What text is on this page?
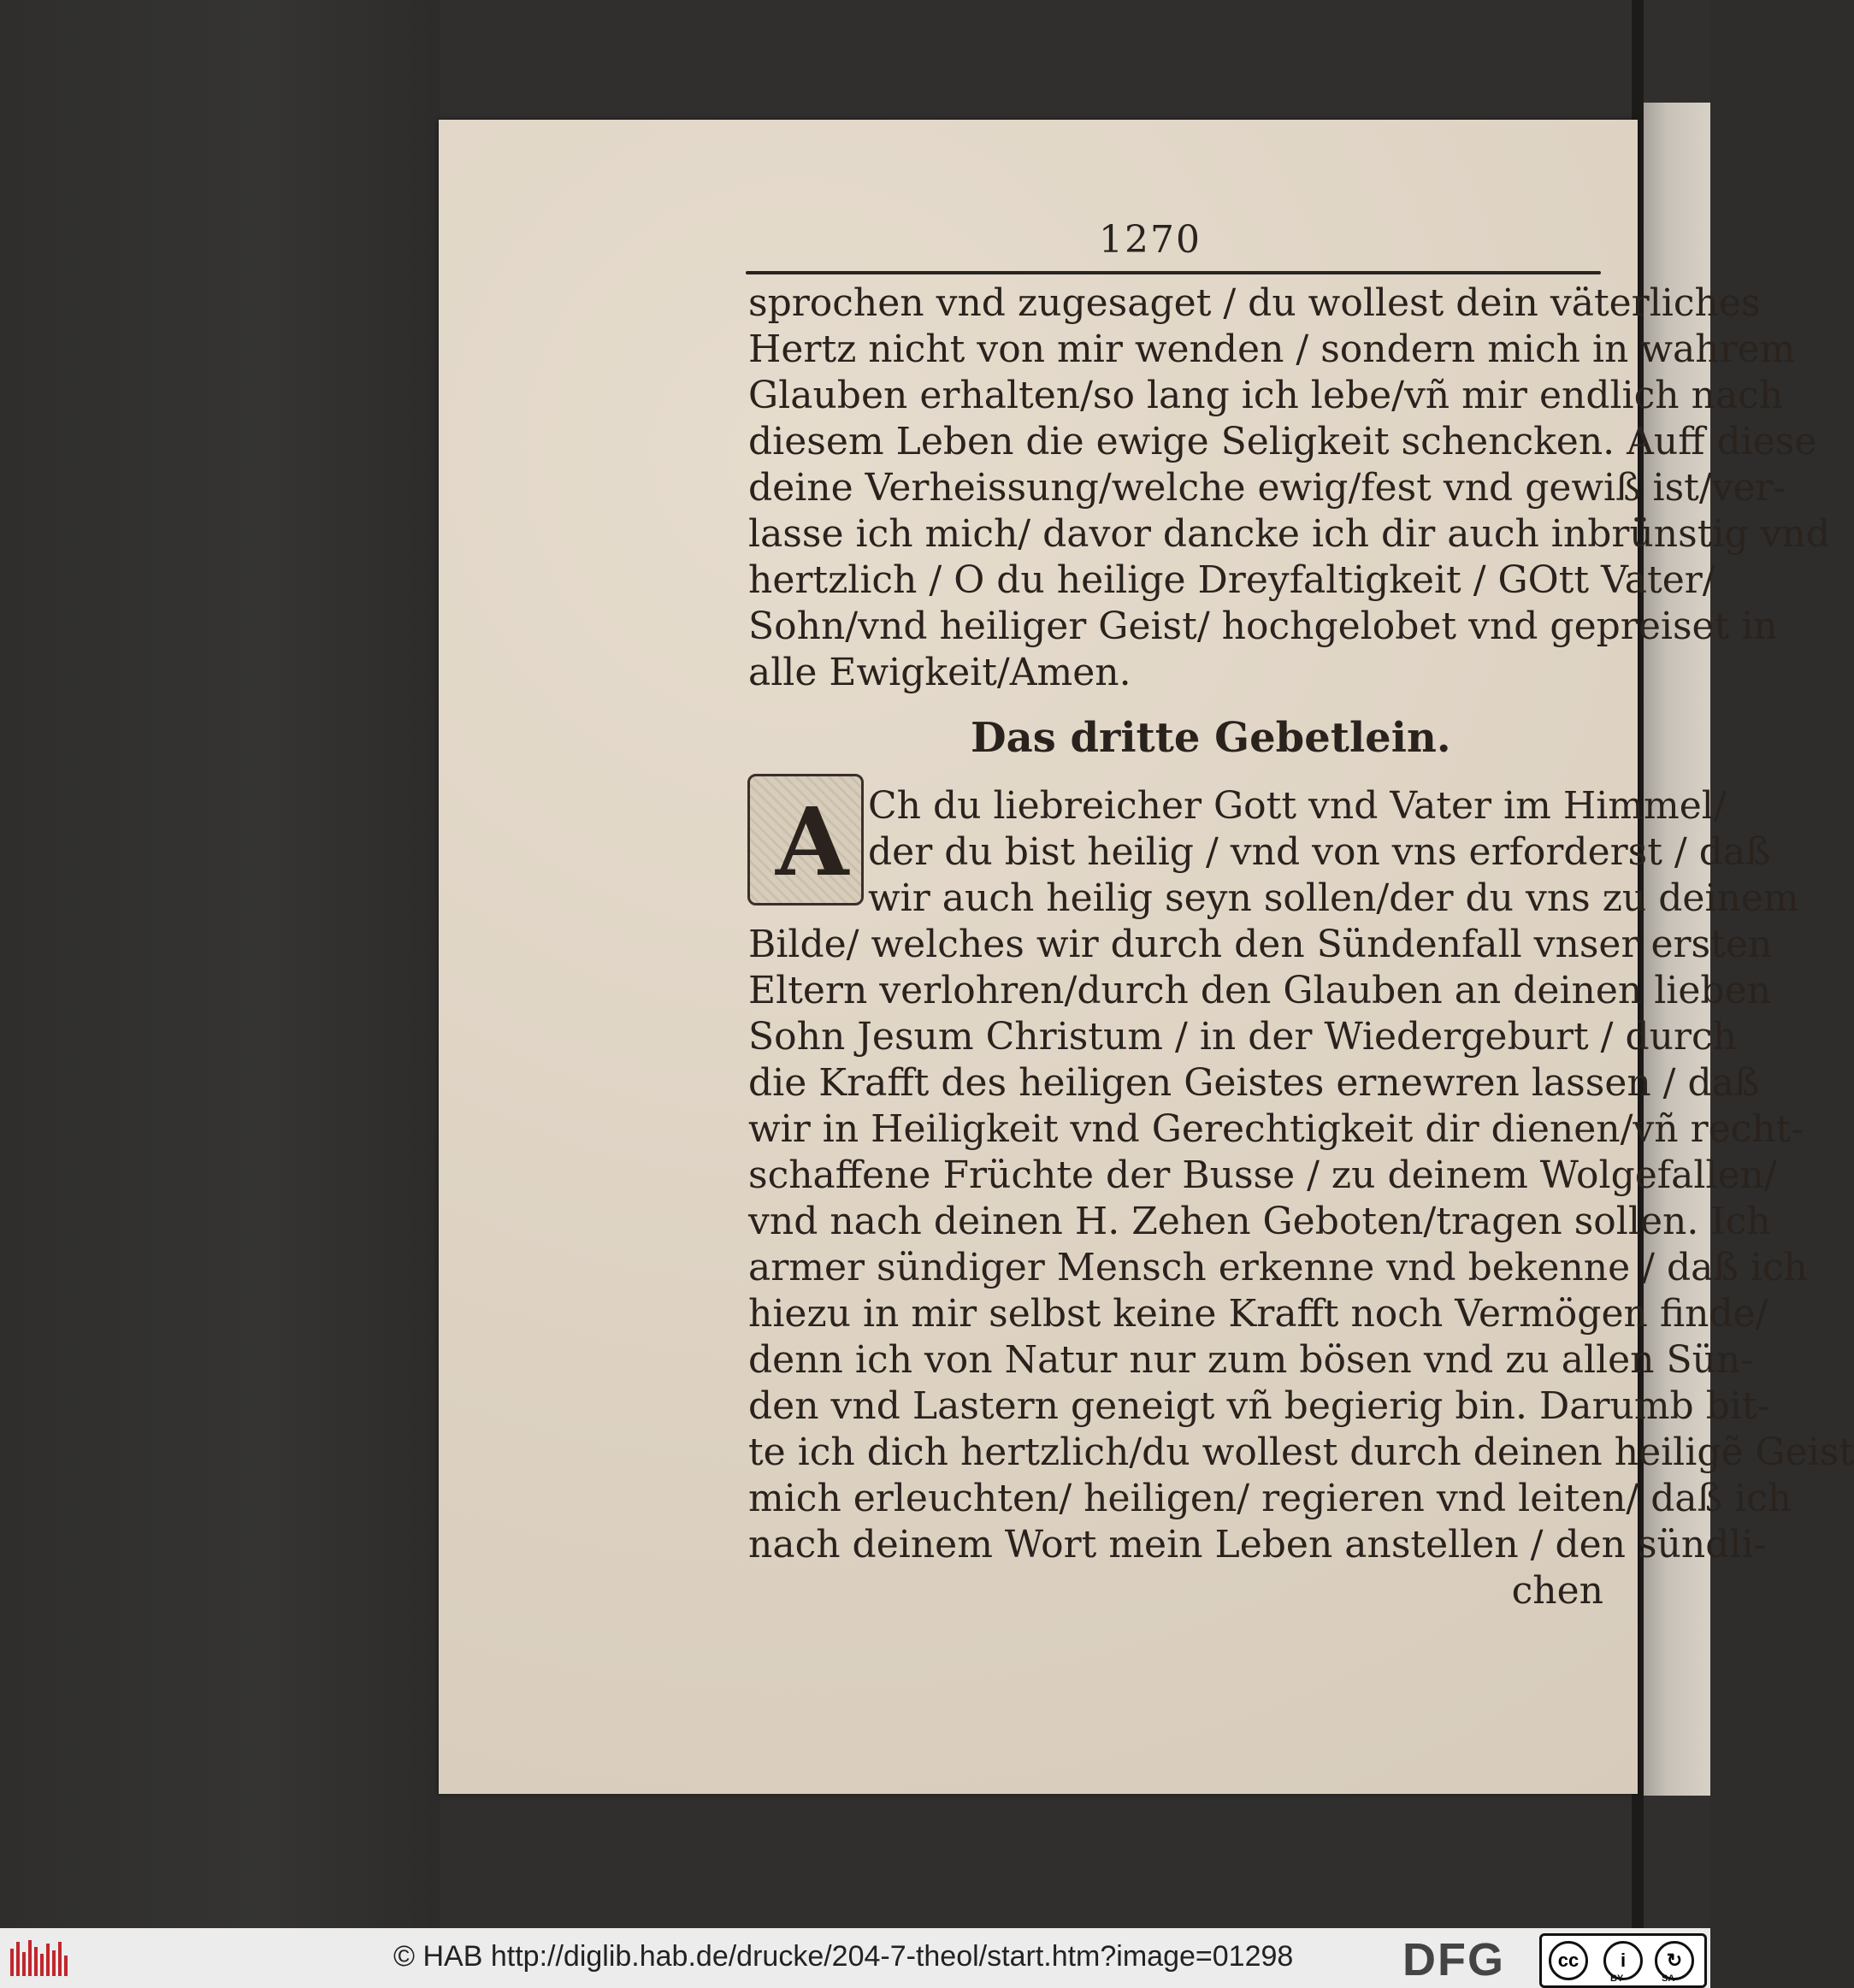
1270
sprochen vnd zugesaget / du wollest dein väterliches
Hertz nicht von mir wenden / sondern mich in wahrem
Glauben erhalten/so lang ich lebe/vñ mir endlich nach
diesem Leben die ewige Seligkeit schencken. Auff diese
deine Verheissung/welche ewig/fest vnd gewiß ist/ver-
lasse ich mich/ davor dancke ich dir auch inbrünstig vnd
hertzlich / O du heilige Dreyfaltigkeit / GOtt Vater/
Sohn/vnd heiliger Geist/ hochgelobet vnd gepreiset in
alle Ewigkeit/Amen.
Das dritte Gebetlein.
A Ch du liebreicher Gott vnd Vater im Himmel/
der du bist heilig / vnd von vns erforderst / daß
wir auch heilig seyn sollen/der du vns zu deinem
Bilde/ welches wir durch den Sündenfall vnser ersten
Eltern verlohren/durch den Glauben an deinen lieben
Sohn Jesum Christum / in der Wiedergeburt / durch
die Krafft des heiligen Geistes ernewren lassen / daß
wir in Heiligkeit vnd Gerechtigkeit dir dienen/vñ recht-
schaffene Früchte der Busse / zu deinem Wolgefallen/
vnd nach deinen H. Zehen Geboten/tragen sollen. Ich
armer sündiger Mensch erkenne vnd bekenne / daß ich
hiezu in mir selbst keine Krafft noch Vermögen finde/
denn ich von Natur nur zum bösen vnd zu allen Sün-
den vnd Lastern geneigt vñ begierig bin. Darumb bit-
te ich dich hertzlich/du wollest durch deinen heiligẽ Geist
mich erleuchten/ heiligen/ regieren vnd leiten/ daß ich
nach deinem Wort mein Leben anstellen / den sündli-
chen
© HAB http://diglib.hab.de/drucke/204-7-theol/start.htm?image=01298 DFG	cc	i	↻
BY	SA
